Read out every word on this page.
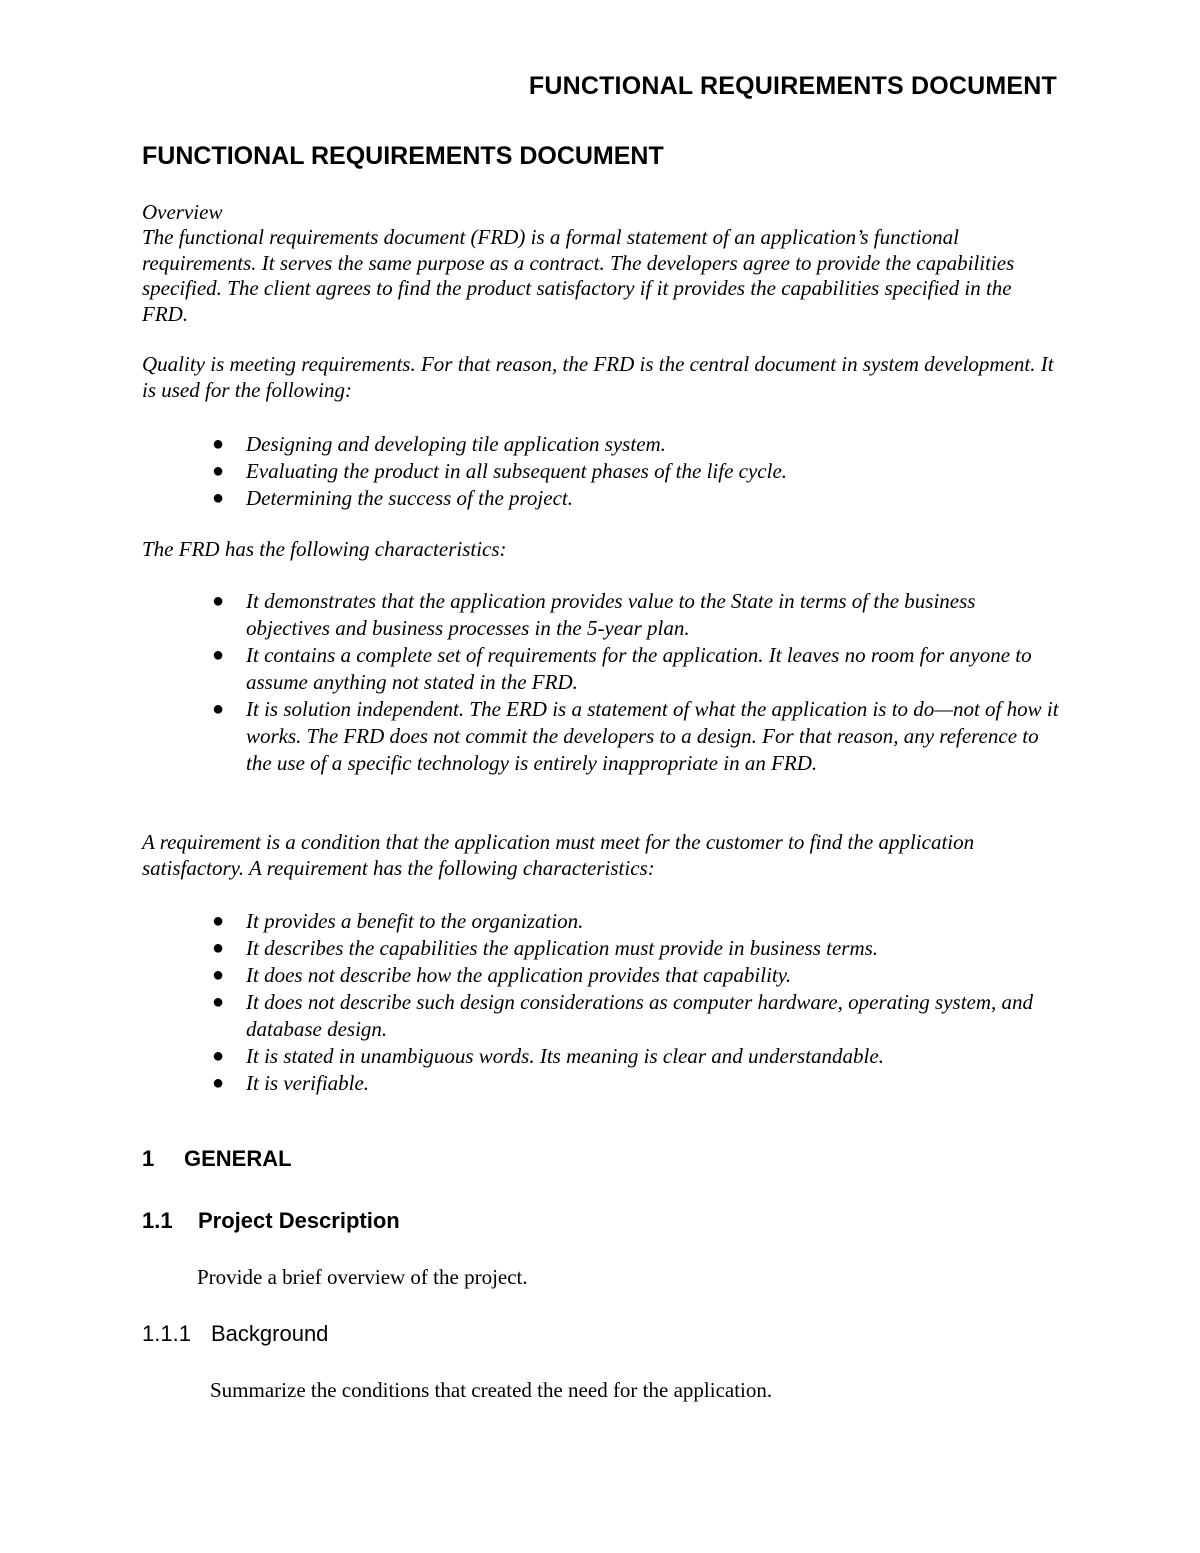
FUNCTIONAL REQUIREMENTS DOCUMENT
FUNCTIONAL REQUIREMENTS DOCUMENT

Overview

The functional requirements document (FRD) is a formal statement of an application’s functional requirements. It serves the same purpose as a contract. The developers agree to provide the capabilities specified. The client agrees to find the product satisfactory if it provides the capabilities specified in the FRD.

Quality is meeting requirements. For that reason, the FRD is the central document in system development. It is used for the following:

● Designing and developing tile application system.
● Evaluating the product in all subsequent phases of the life cycle.
● Determining the success of the project.

The FRD has the following characteristics:

● It demonstrates that the application provides value to the State in terms of the business objectives and business processes in the 5-year plan.
● It contains a complete set of requirements for the application. It leaves no room for anyone to assume anything not stated in the FRD.
● It is solution independent. The ERD is a statement of what the application is to do—not of how it works. The FRD does not commit the developers to a design. For that reason, any reference to the use of a specific technology is entirely inappropriate in an FRD.

A requirement is a condition that the application must meet for the customer to find the application satisfactory. A requirement has the following characteristics:

● It provides a benefit to the organization.
● It describes the capabilities the application must provide in business terms.
● It does not describe how the application provides that capability.
● It does not describe such design considerations as computer hardware, operating system, and database design.
● It is stated in unambiguous words. Its meaning is clear and understandable.
● It is verifiable.
1 GENERAL
1.1 Project Description

Provide a brief overview of the project.

1.1.1 Background

Summarize the conditions that created the need for the application.
